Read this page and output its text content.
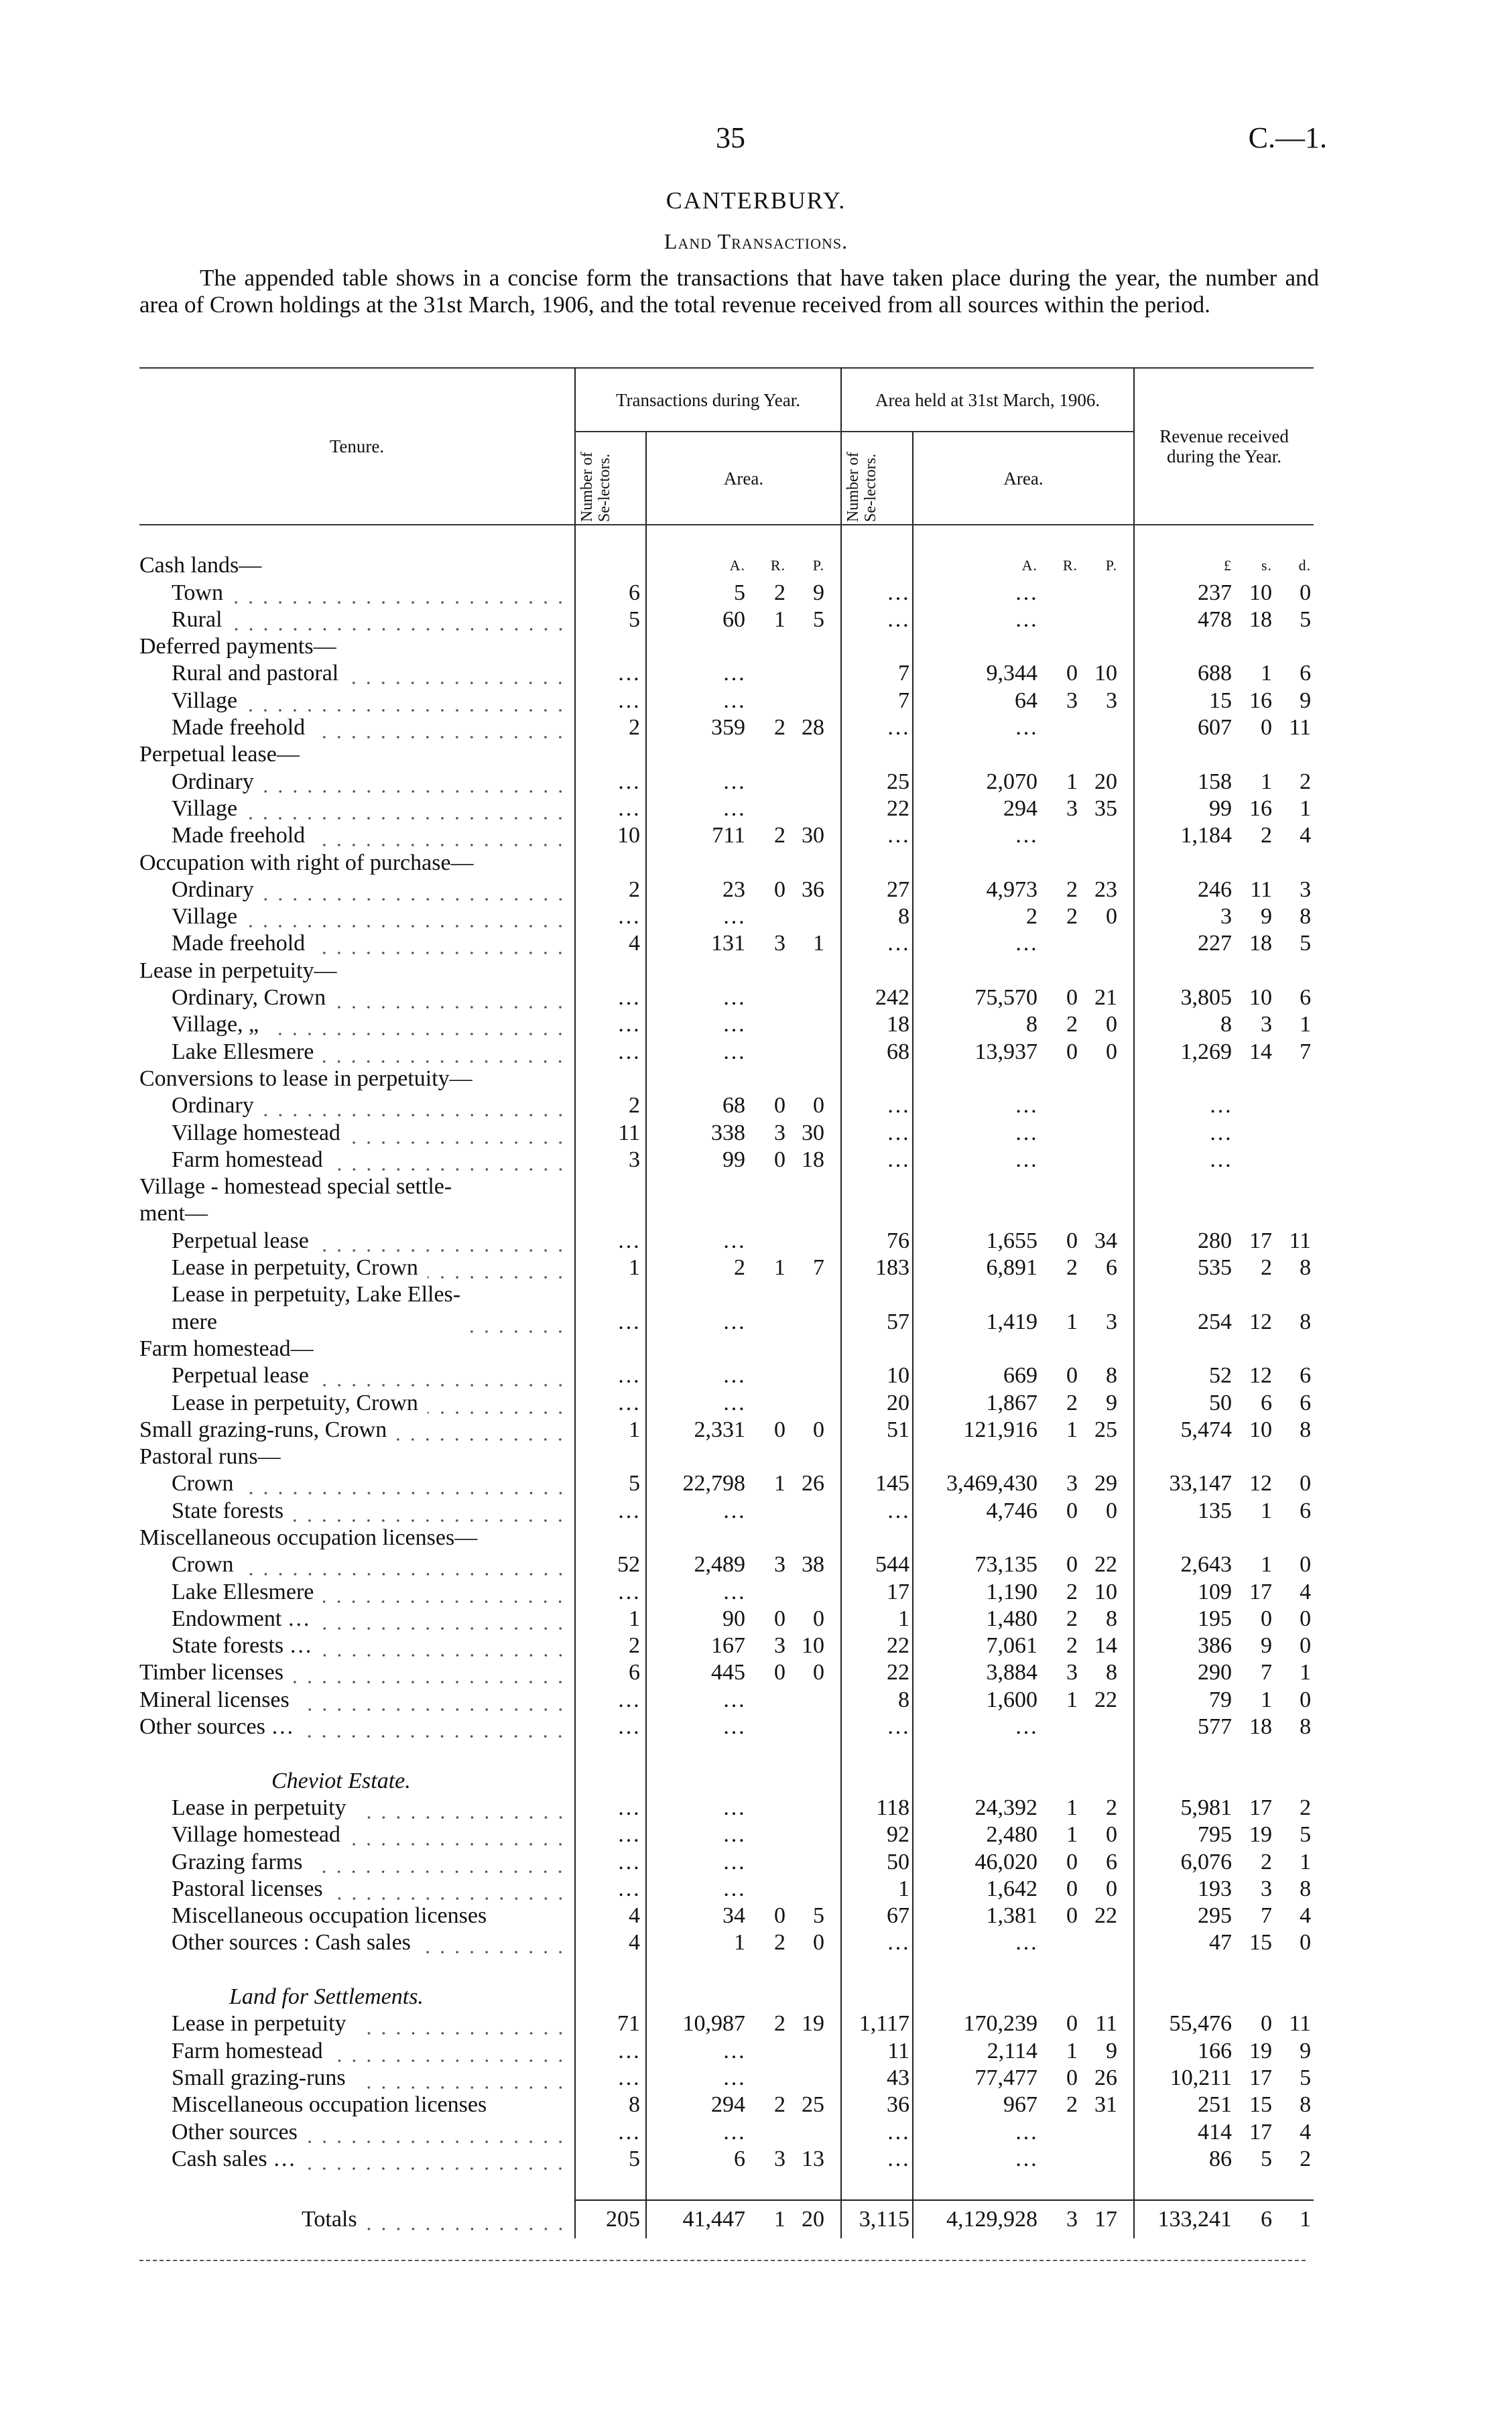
35	C.—1.
CANTERBURY.
Land Transactions.
The appended table shows in a concise form the transactions that have taken place during the year, the number and area of Crown holdings at the 31st March, 1906, and the total revenue received from all sources within the period.
Tenure.	Transactions during Year.				Area held at 31st March, 1906.				Revenue received during the Year.		
	Number of Se-lectors.	Area.			Number of Se-lectors.	Area.					

Cash lands—		A.	R.	P.		A.	R.	P.	£	s.	d.

Town	6	5	2	9	…	…			237	10	0

Rural	5	60	1	5	…	…			478	18	5

Deferred payments—											

Rural and pastoral	…	…			7	9,344	0	10	688	1	6

Village	…	…			7	64	3	3	15	16	9

Made freehold	2	359	2	28	…	…			607	0	11

Perpetual lease—											

Ordinary	…	…			25	2,070	1	20	158	1	2

Village	…	…			22	294	3	35	99	16	1

Made freehold	10	711	2	30	…	…			1,184	2	4

Occupation with right of purchase—											

Ordinary	2	23	0	36	27	4,973	2	23	246	11	3

Village	…	…			8	2	2	0	3	9	8

Made freehold	4	131	3	1	…	…			227	18	5

Lease in perpetuity—											

Ordinary, Crown	…	…			242	75,570	0	21	3,805	10	6

Village, „	…	…			18	8	2	0	8	3	1

Lake Ellesmere	…	…			68	13,937	0	0	1,269	14	7

Conversions to lease in perpetuity—											

Ordinary	2	68	0	0	…	…			…		

Village homestead	11	338	3	30	…	…			…		

Farm homestead	3	99	0	18	…	…			…		

Village - homestead special settle-
ment—											

Perpetual lease	…	…			76	1,655	0	34	280	17	11

Lease in perpetuity, Crown	1	2	1	7	183	6,891	2	6	535	2	8

Lease in perpetuity, Lake Elles-
mere	…	…			57	1,419	1	3	254	12	8

Farm homestead—											

Perpetual lease	…	…			10	669	0	8	52	12	6

Lease in perpetuity, Crown	…	…			20	1,867	2	9	50	6	6

Small grazing-runs, Crown	1	2,331	0	0	51	121,916	1	25	5,474	10	8

Pastoral runs—											

Crown	5	22,798	1	26	145	3,469,430	3	29	33,147	12	0

State forests	…	…			…	4,746	0	0	135	1	6

Miscellaneous occupation licenses—											

Crown	52	2,489	3	38	544	73,135	0	22	2,643	1	0

Lake Ellesmere	…	…			17	1,190	2	10	109	17	4

Endowment …	1	90	0	0	1	1,480	2	8	195	0	0

State forests …	2	167	3	10	22	7,061	2	14	386	9	0

Timber licenses	6	445	0	0	22	3,884	3	8	290	7	1

Mineral licenses	…	…			8	1,600	1	22	79	1	0

Other sources …	…	…			…	…			577	18	8

Cheviot Estate.											

Lease in perpetuity	…	…			118	24,392	1	2	5,981	17	2

Village homestead	…	…			92	2,480	1	0	795	19	5

Grazing farms	…	…			50	46,020	0	6	6,076	2	1

Pastoral licenses	…	…			1	1,642	0	0	193	3	8

Miscellaneous occupation licenses	4	34	0	5	67	1,381	0	22	295	7	4

Other sources : Cash sales	4	1	2	0	…	…			47	15	0

Land for Settlements.											

Lease in perpetuity	71	10,987	2	19	1,117	170,239	0	11	55,476	0	11

Farm homestead	…	…			11	2,114	1	9	166	19	9

Small grazing-runs	…	…			43	77,477	0	26	10,211	17	5

Miscellaneous occupation licenses	8	294	2	25	36	967	2	31	251	15	8

Other sources	…	…			…	…			414	17	4

Cash sales …	5	6	3	13	…	…			86	5	2

Totals	205	41,447	1	20	3,115	4,129,928	3	17	133,241	6	1
